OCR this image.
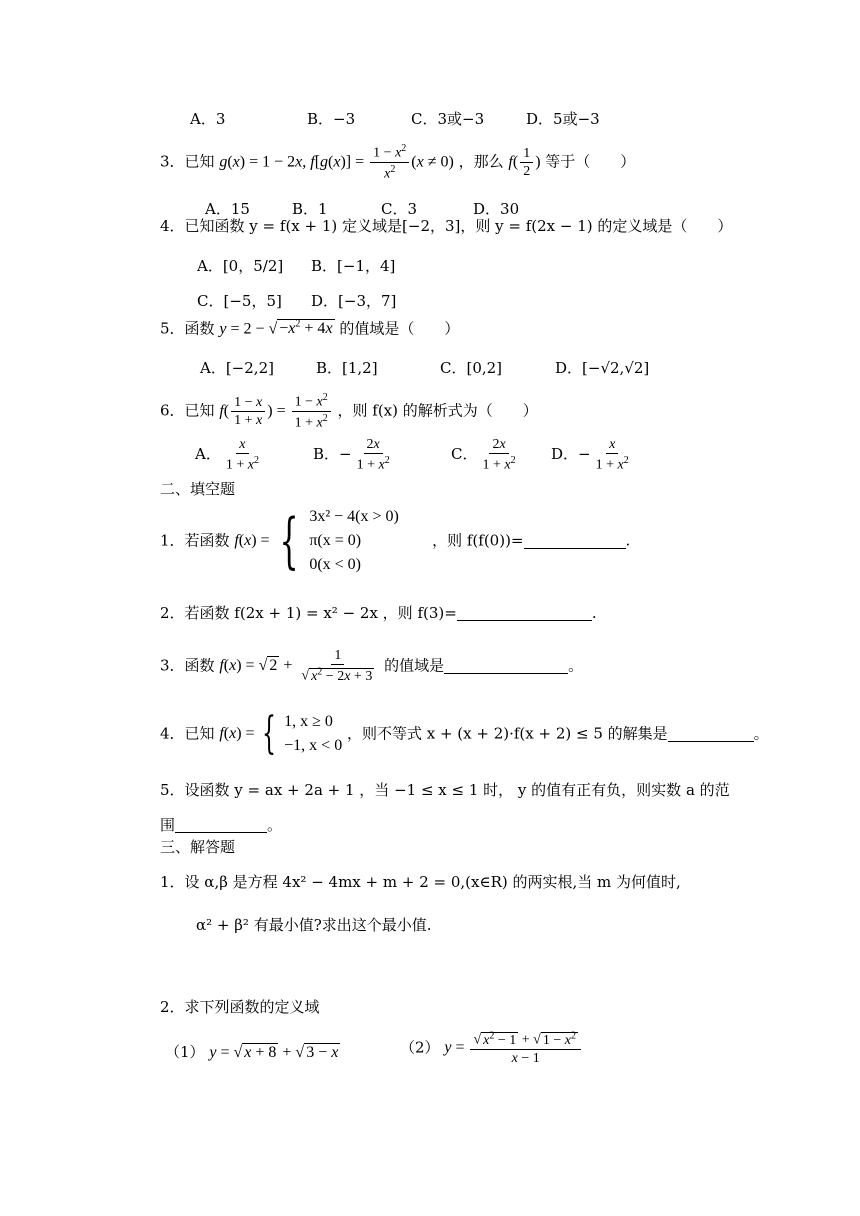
A．3	B．−3	C．3或−3	D．5或−3
3．已知 g(x) = 1 − 2x, $f[g(x)] = \frac{1 - x^2}{x^2} (x \ne 0)$ ，那么 $f( \frac{1}{2}$ ) 等于（　　）
A．15	B．1	C．3	D．30
4．已知函数 y = f(x + 1) 定义域是[−2，3]，则 y = f(2x − 1) 的定义域是（　　）
A．[0，5/2] B．[−1，4]
C．[−5，5] D．[−3，7]
5．函数 y = 2 − √ $-x^2 + 4x$ 的值域是（　　）
A．[−2,2]	B．[1,2]	C．[0,2]	D．[−√2,√2]
6．已知 $f( \frac{1 - x}{1 + x}$ ) = $\frac{1 - x^2}{1 + x^2}$ ，则 f(x) 的解析式为（　　）
A． $\frac{x}{1 + x^2}$	B．− $\frac{2x}{1 + x^2}$	C． $\frac{2x}{1 + x^2}$ D．− $\frac{x}{1 + x^2}$
二、填空题
1．若函数 f(x) = { 3x² − 4(x > 0)
π(x = 0)
0(x < 0)
，则 f(f(0))=	.
2．若函数 f(2x + 1) = x² − 2x ，则 f(3)=	.
3．函数 f(x) = √ $2 + \frac{1}{√ x^2 - 2x + 3}$ 的值域是	。
4．已知 f(x) = { 1, x ≥ 0
−1, x < 0
，则不等式 x + (x + 2)·f(x + 2) ≤ 5 的解集是	。
5．设函数 y = ax + 2a + 1 ，当 −1 ≤ x ≤ 1 时， y 的值有正有负，则实数 a 的范
围	。
三、解答题
1．设 α,β 是方程 4x² − 4mx + m + 2 = 0,(x∈R) 的两实根,当 m 为何值时,
α² + β² 有最小值?求出这个最小值.
2．求下列函数的定义域
（1） y = √ x + 8 + √ 3 − x	（2） $y = \frac{√ x^2 - 1 + √ 1 - x^2}{x - 1}$
